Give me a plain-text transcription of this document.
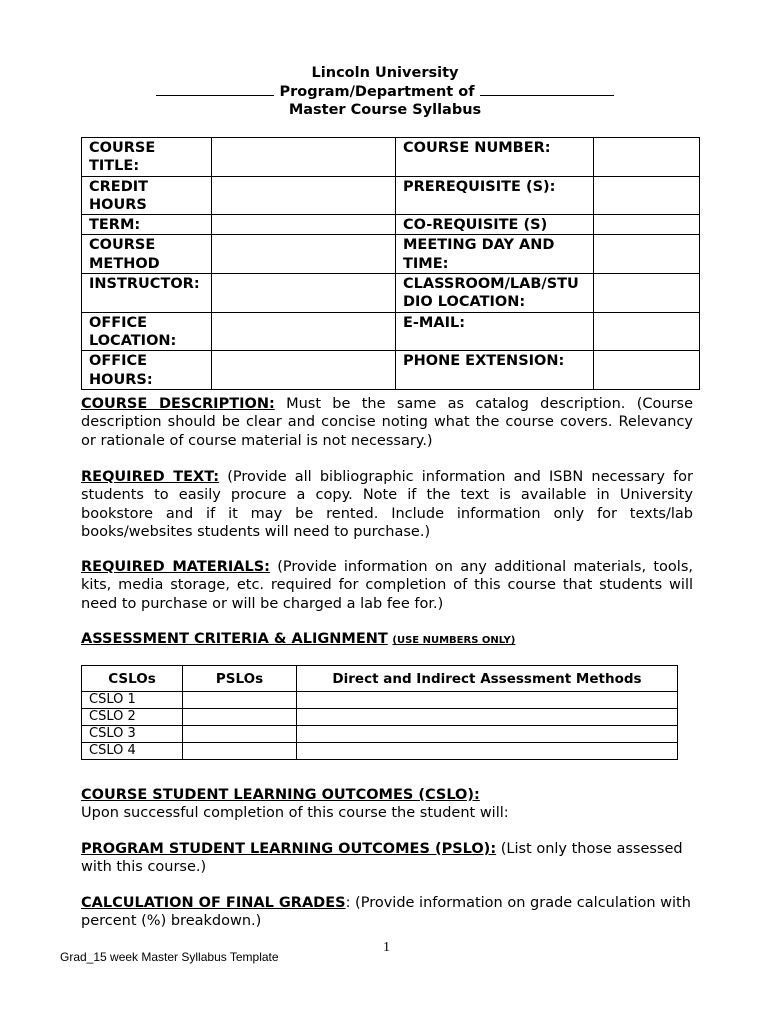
Lincoln University
Program/Department of
Master Course Syllabus
COURSE TITLE:		COURSE NUMBER:	
CREDIT HOURS		PREREQUISITE (S):	
TERM:		CO-REQUISITE (S)	
COURSE METHOD		MEETING DAY AND TIME:	
INSTRUCTOR:		CLASSROOM/LAB/STUDIO LOCATION:	
OFFICE LOCATION:		E-MAIL:	
OFFICE HOURS:		PHONE EXTENSION:	
COURSE DESCRIPTION: Must be the same as catalog description. (Course description should be clear and concise noting what the course covers. Relevancy or rationale of course material is not necessary.)
REQUIRED TEXT: (Provide all bibliographic information and ISBN necessary for students to easily procure a copy. Note if the text is available in University bookstore and if it may be rented. Include information only for texts/lab books/websites students will need to purchase.)
REQUIRED MATERIALS: (Provide information on any additional materials, tools, kits, media storage, etc. required for completion of this course that students will need to purchase or will be charged a lab fee for.)
ASSESSMENT CRITERIA & ALIGNMENT (USE NUMBERS ONLY)
CSLOs	PSLOs	Direct and Indirect Assessment Methods
CSLO 1		
CSLO 2		
CSLO 3		
CSLO 4		
COURSE STUDENT LEARNING OUTCOMES (CSLO):
Upon successful completion of this course the student will:
PROGRAM STUDENT LEARNING OUTCOMES (PSLO): (List only those assessed with this course.)
CALCULATION OF FINAL GRADES: (Provide information on grade calculation with percent (%) breakdown.)
1
Grad_15 week Master Syllabus Template
